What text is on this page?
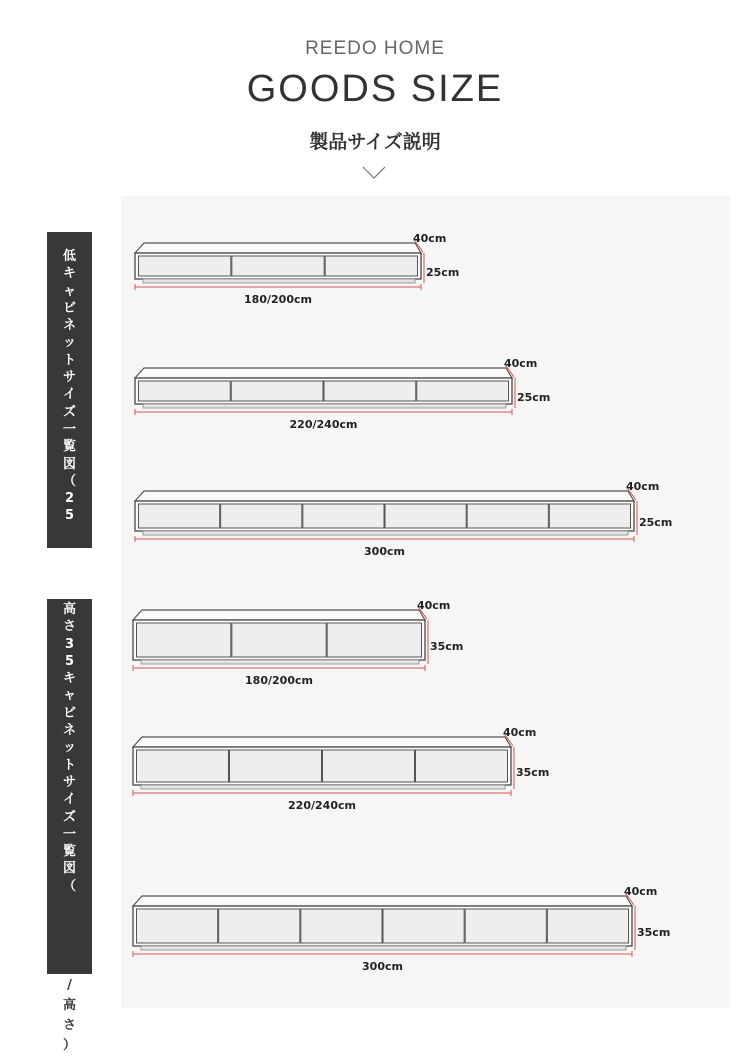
REEDO HOME
GOODS SIZE
製品サイズ説明
低
キ
ャ
ビ
ネ
ッ
ト
サ
イ
ズ
一
覧
図
（
2
5
高
さ
3
5
キ
ャ
ビ
ネ
ッ
ト
サ
イ
ズ
一
覧
図
（
/
高
さ
）
180/200cm
40cm
25cm
220/240cm
40cm
25cm
300cm
40cm
25cm
180/200cm
40cm
35cm
220/240cm
40cm
35cm
300cm
40cm
35cm
